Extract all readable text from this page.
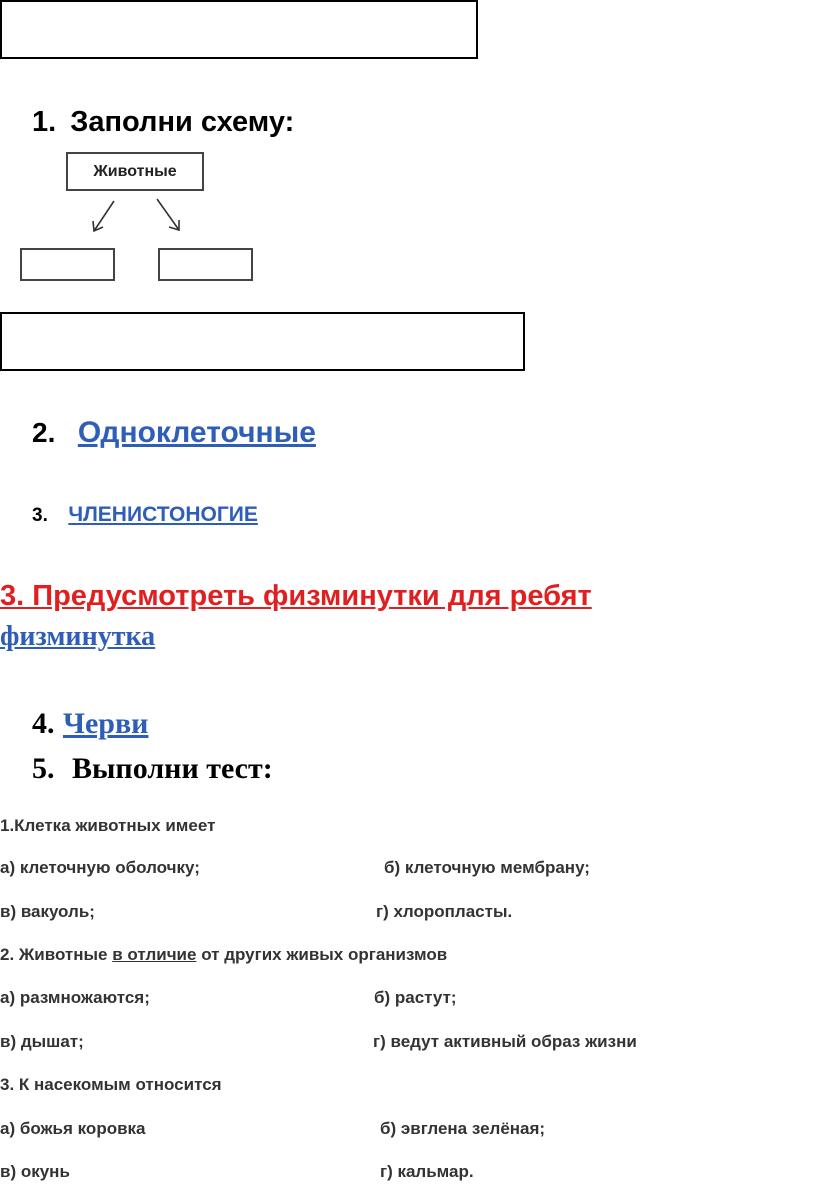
1. Заполни схему:
Животные
2. Одноклеточные
3. ЧЛЕНИСТОНОГИЕ
3. Предусмотреть физминутки для ребят
физминутка
4. Черви
5. Выполни тест:
1.Клетка животных имеет
а) клеточную оболочку;	б) клеточную мембрану;
в) вакуоль;	г) хлоропласты.
2. Животные в отличие от других живых организмов
а) размножаются;	б) растут;
в) дышат;	г) ведут активный образ жизни
3. К насекомым относится
а) божья коровка	б) эвглена зелёная;
в) окунь	г) кальмар.
